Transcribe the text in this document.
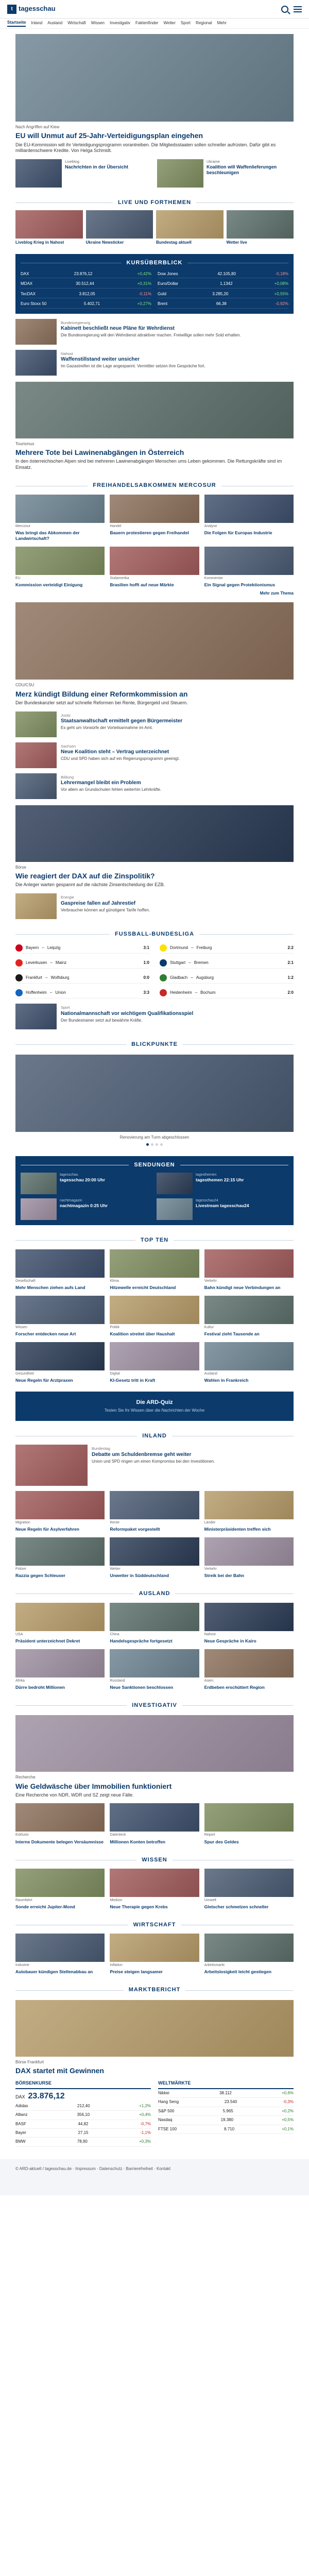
t tagesschau
Startseite Inland Ausland Wirtschaft Wissen Investigativ Faktenfinder Wetter Sport Regional Mehr
Nach Angriffen auf Kiew
EU will Unmut auf 25-Jahr-Verteidigungsplan eingehen
Die EU-Kommission will ihr Verteidigungsprogramm vorantreiben. Die Mitgliedsstaaten sollen schneller aufrüsten. Dafür gibt es milliardenschwere Kredite. Von Helga Schmidt.
Liveblog
Nachrichten in der Übersicht
Ukraine
Koalition will Waffenlieferungen beschleunigen
LIVE UND FORTHEMEN
Liveblog Krieg in Nahost	Ukraine Newsticker	Bundestag aktuell	Wetter live
KURSÜBERBLICK
DAX	23.876,12	+0,42% Dow Jones	42.105,80	-0,18%
MDAX	30.512,44	+0,31% Euro/Dollar	1,1342	+0,08%
TecDAX	3.812,05	-0,11% Gold	3.285,20	+0,55%
Euro Stoxx 50	5.402,71	+0,27% Brent	66,38	-0,92%
Bundesregierung
Kabinett beschließt neue Pläne für Wehrdienst
Die Bundesregierung will den Wehrdienst attraktiver machen. Freiwillige sollen mehr Sold erhalten.
Nahost
Waffenstillstand weiter unsicher
Im Gazastreifen ist die Lage angespannt. Vermittler setzen ihre Gespräche fort.
Tourismus
Mehrere Tote bei Lawinenabgängen in Österreich
In den österreichischen Alpen sind bei mehreren Lawinenabgängen Menschen ums Leben gekommen. Die Rettungskräfte sind im Einsatz.
FREIHANDELSABKOMMEN MERCOSUR
Mercosur
Was bringt das Abkommen der Landwirtschaft?
Handel
Bauern protestieren gegen Freihandel
Analyse
Die Folgen für Europas Industrie
EU
Kommission verteidigt Einigung
Südamerika
Brasilien hofft auf neue Märkte
Kommentar
Ein Signal gegen Protektionismus
Mehr zum Thema
CDU/CSU
Merz kündigt Bildung einer Reformkommission an
Der Bundeskanzler setzt auf schnelle Reformen bei Rente, Bürgergeld und Steuern.
Justiz
Staatsanwaltschaft ermittelt gegen Bürgermeister
Es geht um Vorwürfe der Vorteilsannahme im Amt.
Sachsen
Neue Koalition steht – Vertrag unterzeichnet
CDU und SPD haben sich auf ein Regierungsprogramm geeinigt.
Bildung
Lehrermangel bleibt ein Problem
Vor allem an Grundschulen fehlen weiterhin Lehrkräfte.
Börse
Wie reagiert der DAX auf die Zinspolitik?
Die Anleger warten gespannt auf die nächste Zinsentscheidung der EZB.
Energie
Gaspreise fallen auf Jahrestief
Verbraucher können auf günstigere Tarife hoffen.
FUSSBALL-BUNDESLIGA
Bayern – Leipzig	3:1	Dortmund – Freiburg	2:2
Leverkusen – Mainz	1:0	Stuttgart – Bremen	2:1
Frankfurt – Wolfsburg	0:0	Gladbach – Augsburg	1:2
Hoffenheim – Union	3:3	Heidenheim – Bochum	2:0
Sport
Nationalmannschaft vor wichtigem Qualifikationsspiel
Der Bundestrainer setzt auf bewährte Kräfte.
BLICKPUNKTE
Renovierung am Turm abgeschlossen
SENDUNGEN
tagesschau
tagesschau 20:00 Uhr
tagesthemen
tagesthemen 22:15 Uhr
nachtmagazin
nachtmagazin 0:25 Uhr
tagesschau24
Livestream tagesschau24
TOP TEN
Gesellschaft
Mehr Menschen ziehen aufs Land
Klima
Hitzewelle erreicht Deutschland
Verkehr
Bahn kündigt neue Verbindungen an
Wissen
Forscher entdecken neue Art
Politik
Koalition streitet über Haushalt
Kultur
Festival zieht Tausende an
Gesundheit
Neue Regeln für Arztpraxen
Digital
KI-Gesetz tritt in Kraft
Ausland
Wahlen in Frankreich
Die ARD-Quiz
Testen Sie Ihr Wissen über die Nachrichten der Woche
INLAND
Bundestag
Debatte um Schuldenbremse geht weiter
Union und SPD ringen um einen Kompromiss bei den Investitionen.
Migration
Neue Regeln für Asylverfahren
Rente
Reformpaket vorgestellt
Länder
Ministerpräsidenten treffen sich
Polizei
Razzia gegen Schleuser
Wetter
Unwetter in Süddeutschland
Verkehr
Streik bei der Bahn
AUSLAND
USA
Präsident unterzeichnet Dekret
China
Handelsgespräche fortgesetzt
Nahost
Neue Gespräche in Kairo
Afrika
Dürre bedroht Millionen
Russland
Neue Sanktionen beschlossen
Asien
Erdbeben erschüttert Region
INVESTIGATIV
Recherche
Wie Geldwäsche über Immobilien funktioniert
Eine Recherche von NDR, WDR und SZ zeigt neue Fälle.
Exklusiv
Interne Dokumente belegen Versäumnisse
Datenleck
Millionen Konten betroffen
Report
Spur des Geldes
WISSEN
Raumfahrt
Sonde erreicht Jupiter-Mond
Medizin
Neue Therapie gegen Krebs
Umwelt
Gletscher schmelzen schneller
WIRTSCHAFT
Industrie
Autobauer kündigen Stellenabbau an
Inflation
Preise steigen langsamer
Arbeitsmarkt
Arbeitslosigkeit leicht gestiegen
MARKTBERICHT
Börse Frankfurt
DAX startet mit Gewinnen
BÖRSENKURSE
DAX 23.876,12
Adidas	212,40	+1,2%
Allianz	356,10	+0,4%
BASF	44,82	-0,7%
Bayer	27,15	-1,1%
BMW	78,90	+0,3%
WELTMÄRKTE
Nikkei	38.112	+0,6%
Hang Seng	23.540	-0,3%
S&P 500	5.965	+0,2%
Nasdaq	19.380	+0,5%
FTSE 100	8.710	+0,1%
© ARD-aktuell / tagesschau.de · Impressum · Datenschutz · Barrierefreiheit · Kontakt
